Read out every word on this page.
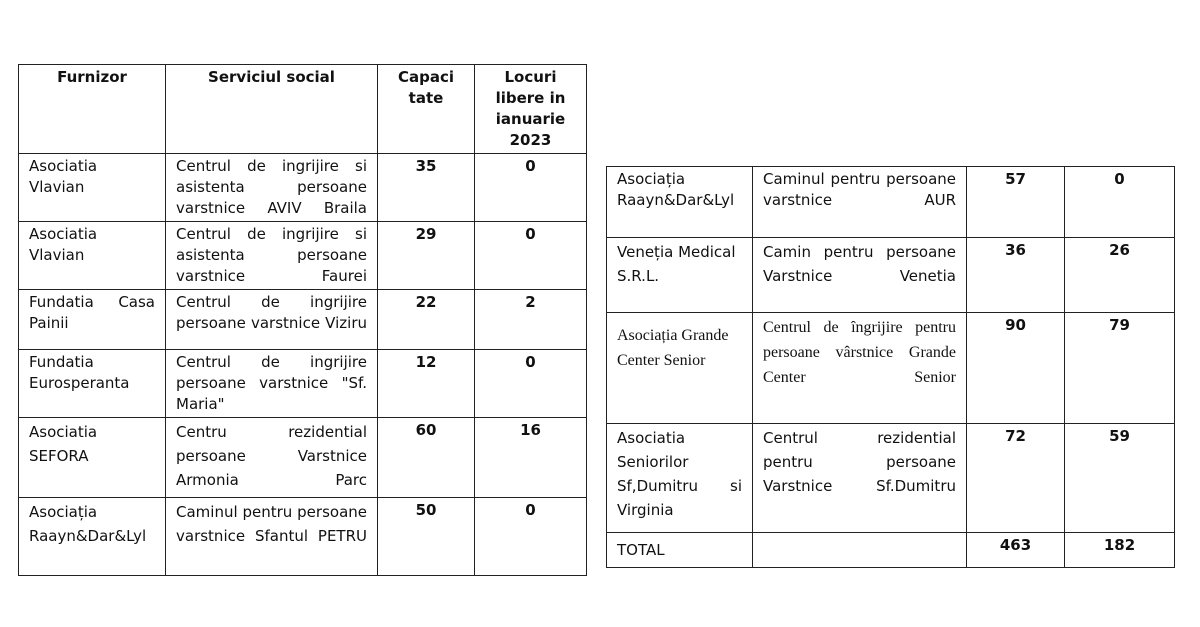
Furnizor	Serviciul social	Capaci tate	Locuri libere in ianuarie 2023
Asociatia Vlavian	Centrul de ingrijire si asistenta persoane varstnice AVIV Braila	35	0
Asociatia Vlavian	Centrul de ingrijire si asistenta persoane varstnice Faurei	29	0
Fundatia Casa Painii	Centrul de ingrijire persoane varstnice Viziru	22	2
Fundatia Eurosperanta	Centrul de ingrijire persoane varstnice "Sf. Maria"	12	0
Asociatia SEFORA	Centru rezidential persoane Varstnice Armonia Parc	60	16
Asociația Raayn&Dar&Lyl	Caminul pentru persoane varstnice Sfantul PETRU	50	0
Asociația Raayn&Dar&Lyl	Caminul pentru persoane varstnice AUR	57	0
Veneția Medical S.R.L.	Camin pentru persoane Varstnice Venetia	36	26
Asociația Grande Center Senior	Centrul de îngrijire pentru persoane vârstnice Grande Center Senior	90	79
Asociatia Seniorilor Sf,Dumitru si Virginia	Centrul rezidential pentru persoane Varstnice Sf.Dumitru	72	59
TOTAL		463	182
